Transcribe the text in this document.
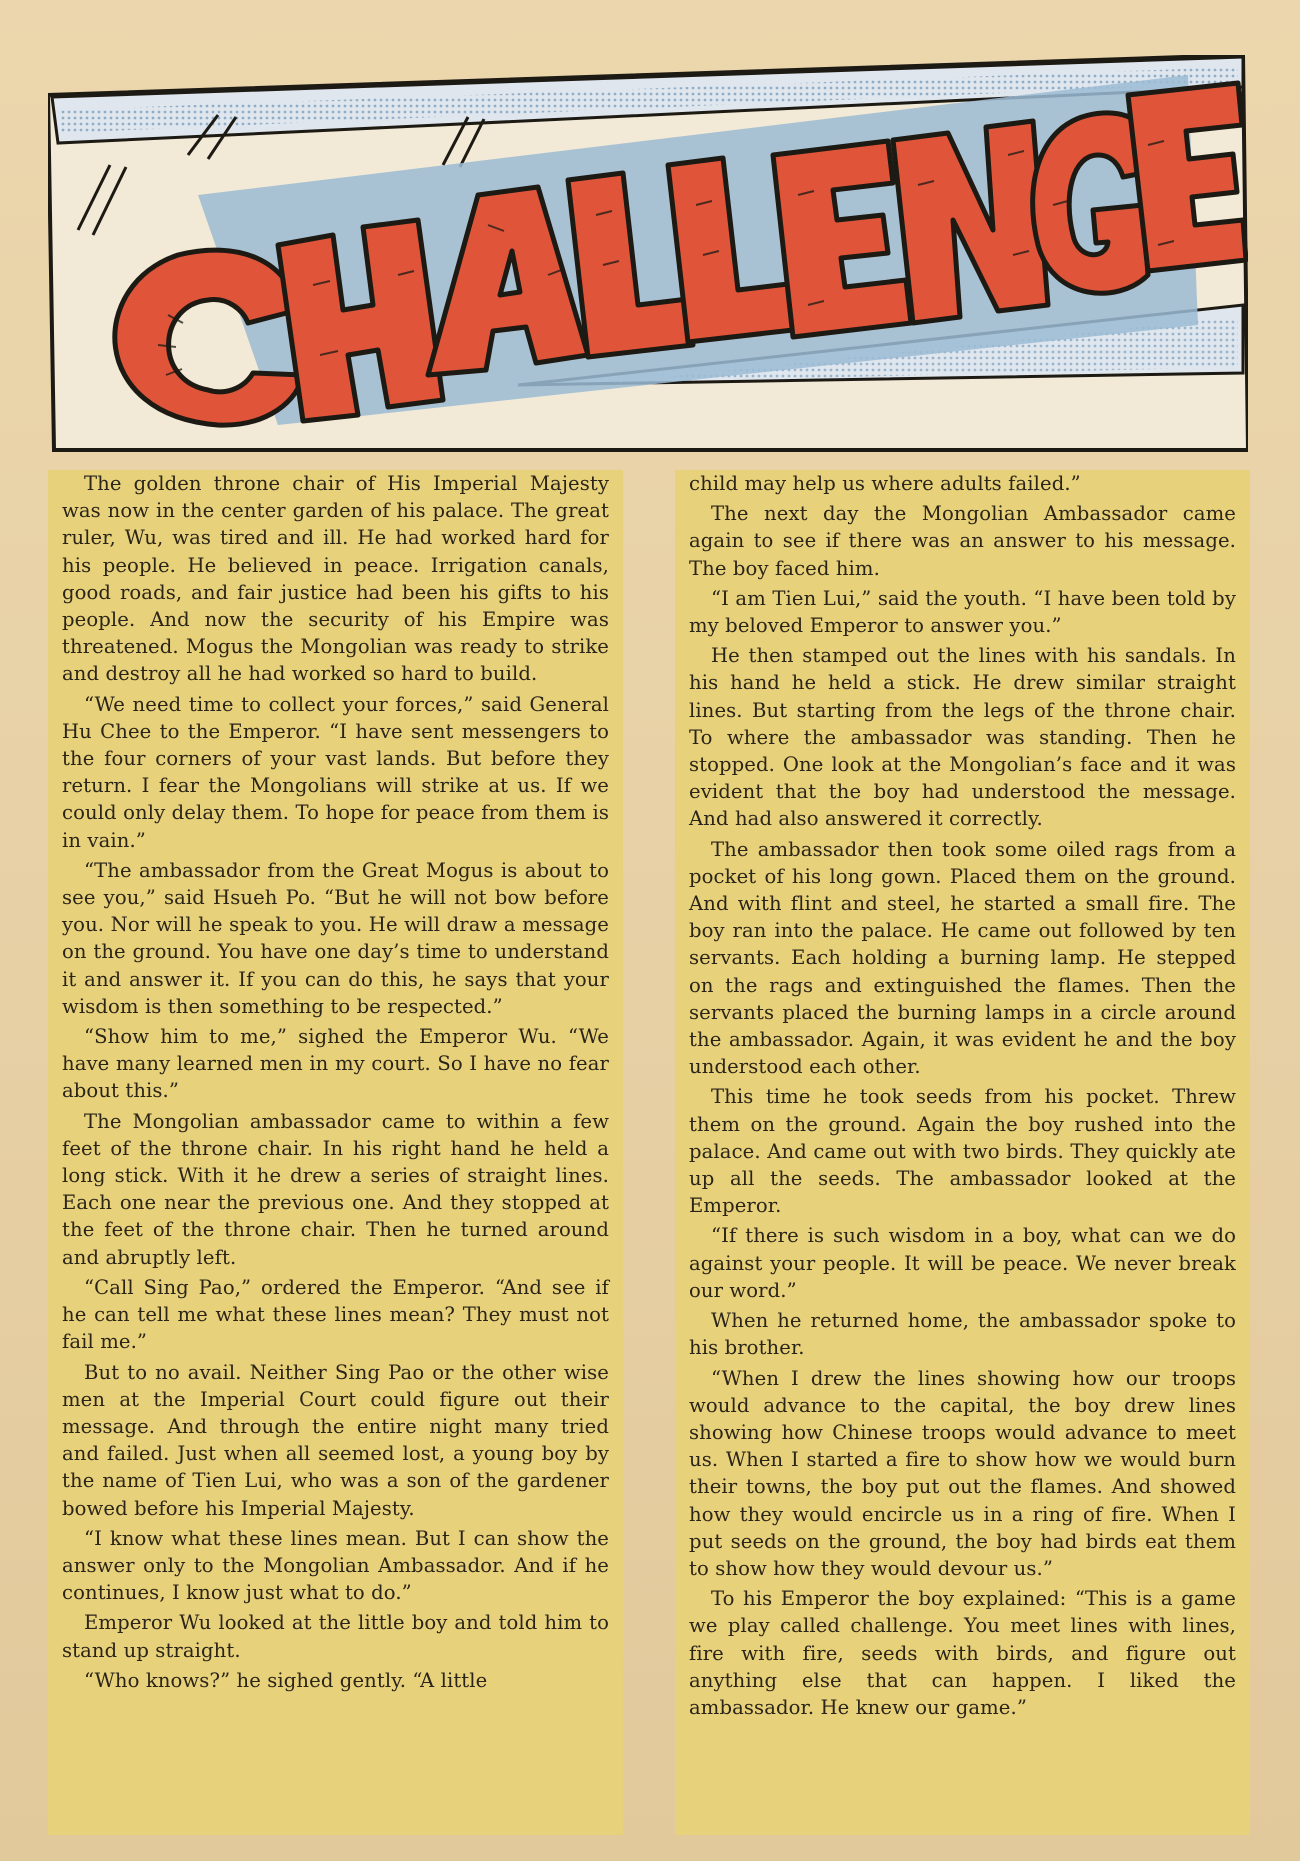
The golden throne chair of His Imperial Majesty was now in the center garden of his palace. The great ruler, Wu, was tired and ill. He had worked hard for his people. He believed in peace. Irrigation canals, good roads, and fair justice had been his gifts to his people. And now the security of his Empire was threatened. Mogus the Mongolian was ready to strike and destroy all he had worked so hard to build.

“We need time to collect your forces,” said General Hu Chee to the Emperor. “I have sent messengers to the four corners of your vast lands. But before they return. I fear the Mongolians will strike at us. If we could only delay them. To hope for peace from them is in vain.”

“The ambassador from the Great Mogus is about to see you,” said Hsueh Po. “But he will not bow before you. Nor will he speak to you. He will draw a message on the ground. You have one day’s time to understand it and answer it. If you can do this, he says that your wisdom is then something to be respected.”

“Show him to me,” sighed the Emperor Wu. “We have many learned men in my court. So I have no fear about this.”

The Mongolian ambassador came to within a few feet of the throne chair. In his right hand he held a long stick. With it he drew a series of straight lines. Each one near the previous one. And they stopped at the feet of the throne chair. Then he turned around and abruptly left.

“Call Sing Pao,” ordered the Emperor. “And see if he can tell me what these lines mean? They must not fail me.”

But to no avail. Neither Sing Pao or the other wise men at the Imperial Court could figure out their message. And through the entire night many tried and failed. Just when all seemed lost, a young boy by the name of Tien Lui, who was a son of the gardener bowed before his Imperial Majesty.

“I know what these lines mean. But I can show the answer only to the Mongolian Ambassador. And if he continues, I know just what to do.”

Emperor Wu looked at the little boy and told him to stand up straight.

“Who knows?” he sighed gently. “A little

child may help us where adults failed.”

The next day the Mongolian Ambassador came again to see if there was an answer to his message. The boy faced him.

“I am Tien Lui,” said the youth. “I have been told by my beloved Emperor to answer you.”

He then stamped out the lines with his sandals. In his hand he held a stick. He drew similar straight lines. But starting from the legs of the throne chair. To where the ambassador was standing. Then he stopped. One look at the Mongolian’s face and it was evident that the boy had understood the message. And had also answered it correctly.

The ambassador then took some oiled rags from a pocket of his long gown. Placed them on the ground. And with flint and steel, he started a small fire. The boy ran into the palace. He came out followed by ten servants. Each holding a burning lamp. He stepped on the rags and extinguished the flames. Then the servants placed the burning lamps in a circle around the ambassador. Again, it was evident he and the boy understood each other.

This time he took seeds from his pocket. Threw them on the ground. Again the boy rushed into the palace. And came out with two birds. They quickly ate up all the seeds. The ambassador looked at the Emperor.

“If there is such wisdom in a boy, what can we do against your people. It will be peace. We never break our word.”

When he returned home, the ambassador spoke to his brother.

“When I drew the lines showing how our troops would advance to the capital, the boy drew lines showing how Chinese troops would advance to meet us. When I started a fire to show how we would burn their towns, the boy put out the flames. And showed how they would encircle us in a ring of fire. When I put seeds on the ground, the boy had birds eat them to show how they would devour us.”

To his Emperor the boy explained: “This is a game we play called challenge. You meet lines with lines, fire with fire, seeds with birds, and figure out anything else that can happen. I liked the ambassador. He knew our game.”
